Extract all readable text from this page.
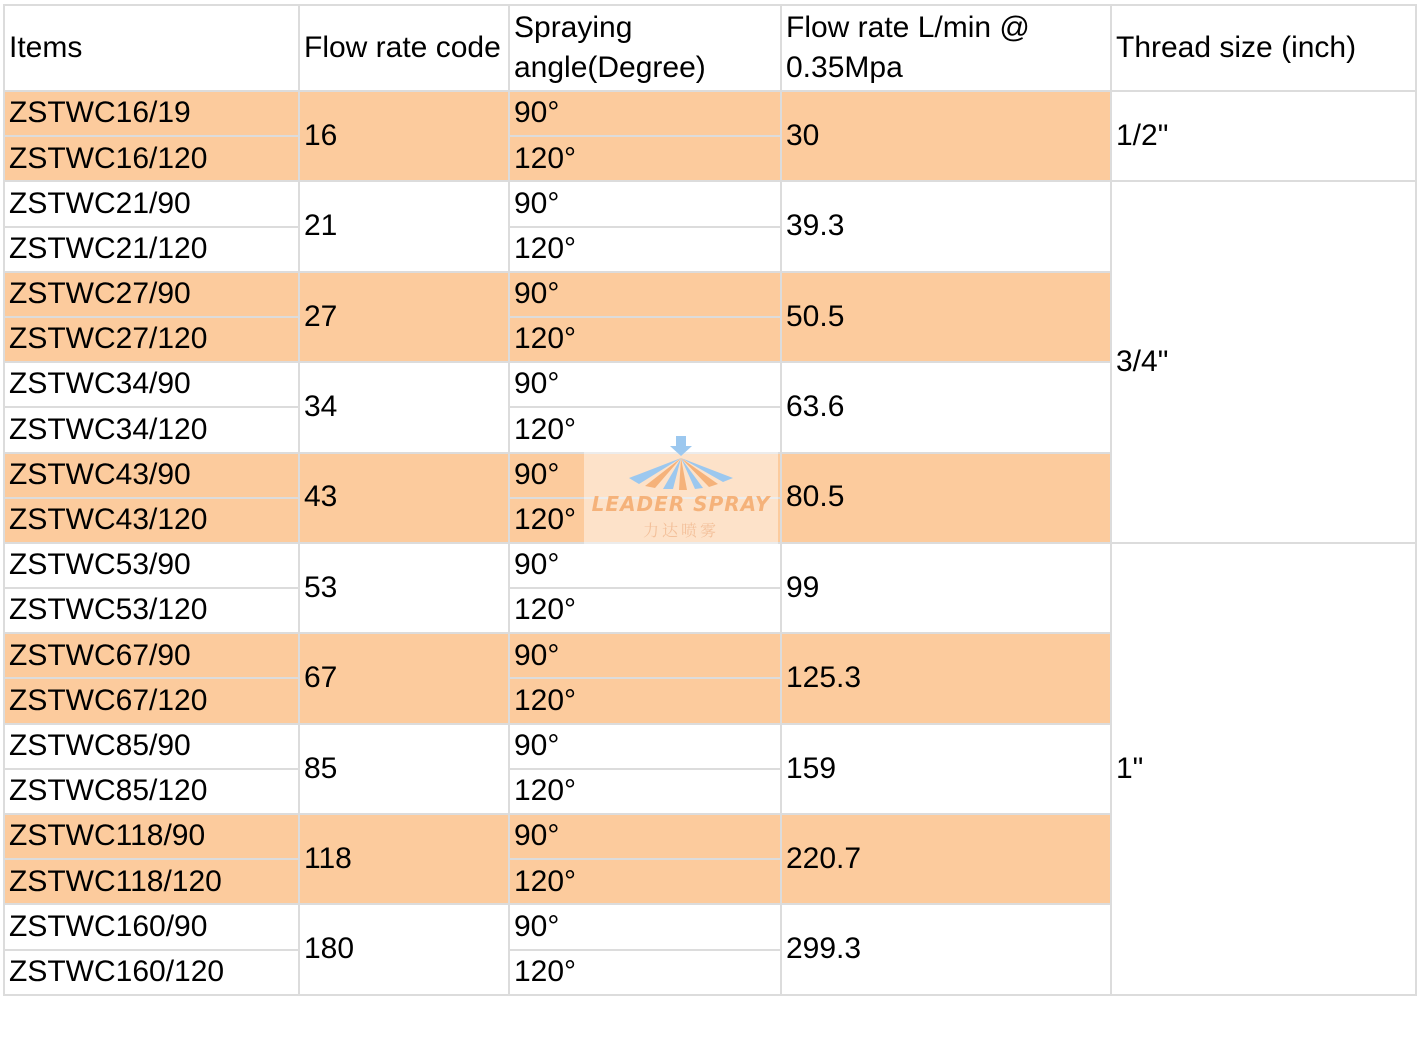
Items	Flow rate code	Spraying angle(Degree)	Flow rate L/min @ 0.35Mpa	Thread size (inch)
ZSTWC16/19	16	90°	30	1/2"
ZSTWC16/120		120°		
ZSTWC21/90	21	90°	39.3	3/4"
ZSTWC21/120		120°		
ZSTWC27/90	27	90°	50.5	
ZSTWC27/120		120°		
ZSTWC34/90	34	90°	63.6	
ZSTWC34/120		120°		
ZSTWC43/90	43	90°	80.5	
ZSTWC43/120		120°		
ZSTWC53/90	53	90°	99	1"
ZSTWC53/120		120°		
ZSTWC67/90	67	90°	125.3	
ZSTWC67/120		120°		
ZSTWC85/90	85	90°	159	
ZSTWC85/120		120°		
ZSTWC118/90	118	90°	220.7	
ZSTWC118/120		120°		
ZSTWC160/90	180	90°	299.3	
ZSTWC160/120		120°		
LEADER SPRAY
力达喷雾
